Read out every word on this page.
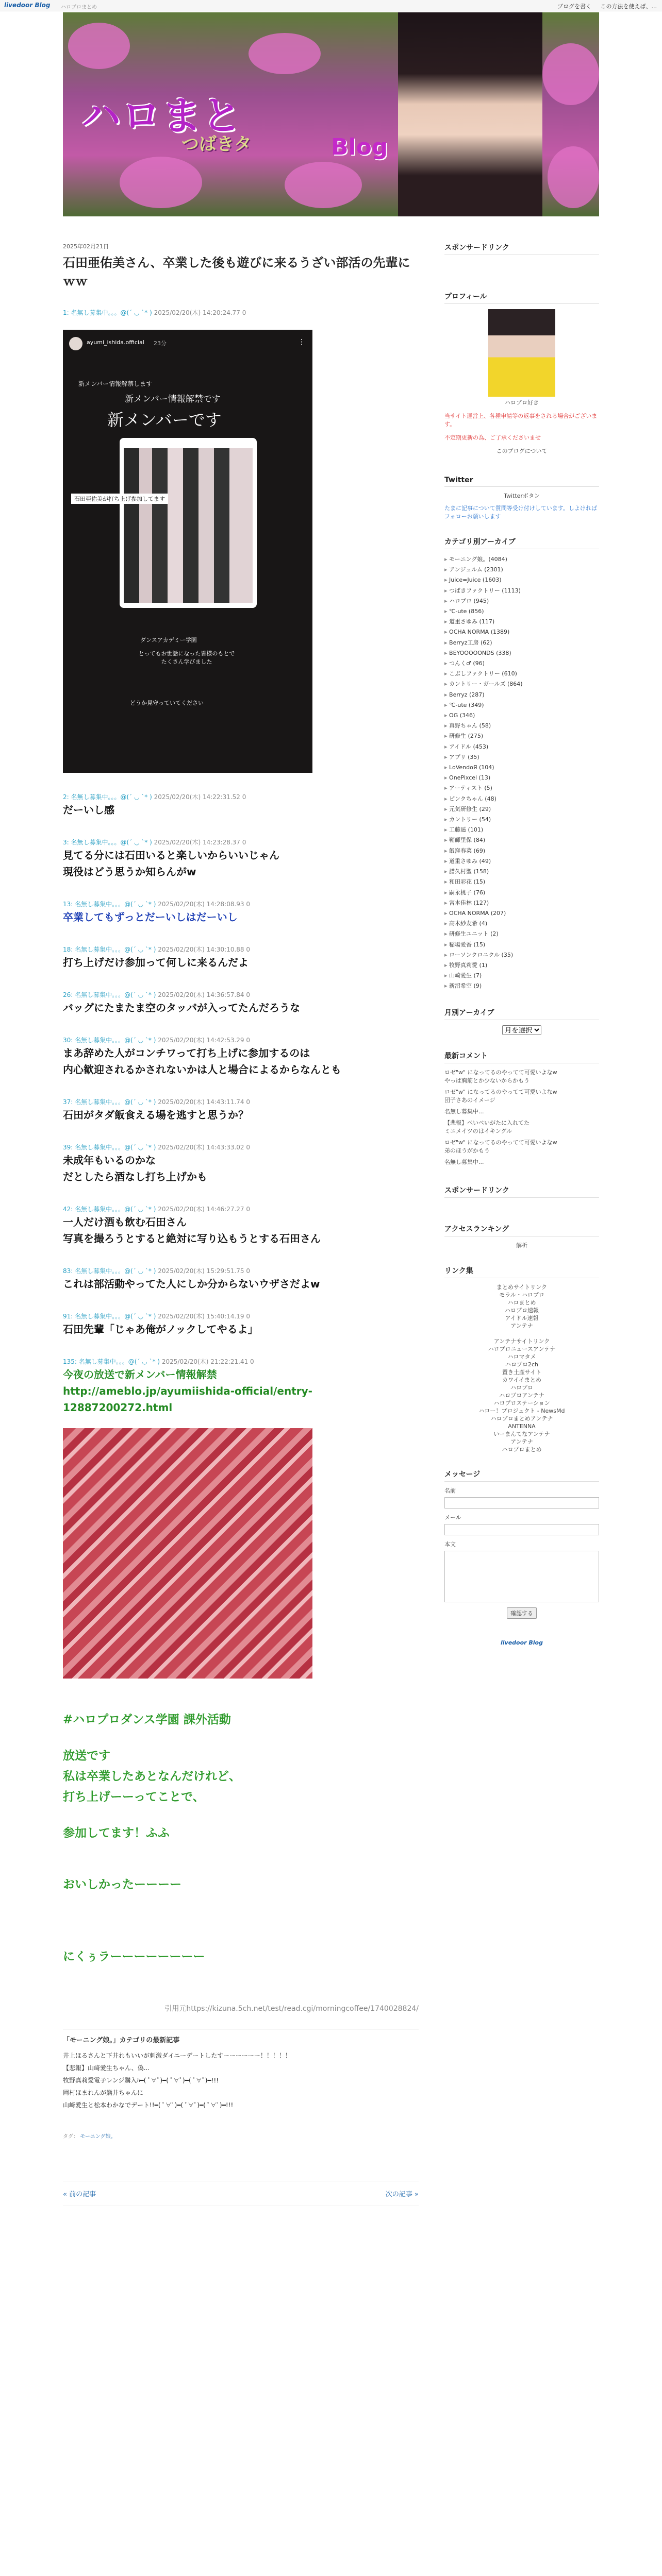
livedoor Blog ハロプロまとめ	ブログを書く この方法を使えば、...
ハロまと
つばきタ	Blog
2025年02月21日
石田亜佑美さん、卒業した後も遊びに来るうざい部活の先輩にｗｗ
1: 名無し募集中。。。@(´ ◡ `* ) 2025/02/20(木) 14:20:24.77 0
ayumi_ishida.official 23分	⋮
新メンバー情報解禁します
新メンバー情報解禁です
新メンバーです
石田亜佑美が打ち上げ参加してます
ダンスアカデミー学園
とってもお世話になった皆様のもとで
たくさん学びました
どうか見守っていてください
2: 名無し募集中。。。@(´ ◡ `* ) 2025/02/20(木) 14:22:31.52 0
だーいし感
3: 名無し募集中。。。@(´ ◡ `* ) 2025/02/20(木) 14:23:28.37 0
見てる分には石田いると楽しいからいいじゃん
現役はどう思うか知らんがw
13: 名無し募集中。。。@(´ ◡ `* ) 2025/02/20(木) 14:28:08.93 0
卒業してもずっとだーいしはだーいし
18: 名無し募集中。。。@(´ ◡ `* ) 2025/02/20(木) 14:30:10.88 0
打ち上げだけ参加って何しに来るんだよ
26: 名無し募集中。。。@(´ ◡ `* ) 2025/02/20(木) 14:36:57.84 0
バッグにたまたま空のタッパが入ってたんだろうな
30: 名無し募集中。。。@(´ ◡ `* ) 2025/02/20(木) 14:42:53.29 0
まあ辞めた人がコンチワって打ち上げに参加するのは
内心歓迎されるかされないかは人と場合によるからなんとも
37: 名無し募集中。。。@(´ ◡ `* ) 2025/02/20(木) 14:43:11.74 0
石田がタダ飯食える場を逃すと思うか？
39: 名無し募集中。。。@(´ ◡ `* ) 2025/02/20(木) 14:43:33.02 0
未成年もいるのかな
だとしたら酒なし打ち上げかも
42: 名無し募集中。。。@(´ ◡ `* ) 2025/02/20(木) 14:46:27.27 0
一人だけ酒も飲む石田さん
写真を撮ろうとすると絶対に写り込もうとする石田さん
83: 名無し募集中。。。@(´ ◡ `* ) 2025/02/20(木) 15:29:51.75 0
これは部活動やってた人にしか分からないウザさだよw
91: 名無し募集中。。。@(´ ◡ `* ) 2025/02/20(木) 15:40:14.19 0
石田先輩「じゃあ俺がノックしてやるよ」
135: 名無し募集中。。。@(´ ◡ `* ) 2025/02/20(木) 21:22:21.41 0
今夜の放送で新メンバー情報解禁
http://ameblo.jp/ayumiishida-official/entry-12887200272.html
#ハロプロダンス学園 課外活動
放送です
私は卒業したあとなんだけれど、
打ち上げーーってことで、
参加してます！ふふ
おいしかったーーーー
にくぅラーーーーーーーー
引用元https://kizuna.5ch.net/test/read.cgi/morningcoffee/1740028824/
「モーニング娘。」カテゴリの最新記事
井上ほるさんと下井れもいいが刺激ダイニーデートしたすーーーーーー！！！！！
【悲報】山﨑愛生ちゃん、偽...
牧野真莉愛電子レンジ購入ﾊ━( ﾟ∀ﾟ)━( ﾟ∀ﾟ)━( ﾟ∀ﾟ)━!!!
岡村ほまれんが熊井ちゃんに
山﨑愛生と松本わかなでデート!!━( ﾟ∀ﾟ)━( ﾟ∀ﾟ)━( ﾟ∀ﾟ)━!!!
タグ： モーニング娘。
« 前の記事	次の記事 »
スポンサードリンク
プロフィール
ハロプロ好き
当サイト運営上、各種申請等の返事をされる場合がございます。
不定期更新の為、ご了承くださいませ
このブログについて
Twitter
Twitterボタン
たまに記事について質問等受け付けしています。しよければフォローお願いします
カテゴリ別アーカイブ
▸ モーニング娘。(4084)
▸ アンジュルム (2301)
▸ Juice=Juice (1603)
▸ つばきファクトリー (1113)
▸ ハロプロ (945)
▸ ℃-ute (856)
▸ 道重さゆみ (117)
▸ OCHA NORMA (1389)
▸ Berryz工房 (62)
▸ BEYOOOOONDS (338)
▸ つんく♂ (96)
▸ こぶしファクトリー (610)
▸ カントリー・ガールズ (864)
▸ Berryz (287)
▸ ℃-ute (349)
▸ OG (346)
▸ 真野ちゃん (58)
▸ 研修生 (275)
▸ アイドル (453)
▸ アプリ (35)
▸ LoVendoЯ (104)
▸ OnePixcel (13)
▸ アーティスト (5)
▸ ピンクちゃん (48)
▸ 元気研修生 (29)
▸ カントリー (54)
▸ 工藤遥 (101)
▸ 鞘師里保 (84)
▸ 飯窪春菜 (69)
▸ 道重さゆみ (49)
▸ 譜久村聖 (158)
▸ 和田彩花 (15)
▸ 嗣永桃子 (76)
▸ 宮本佳林 (127)
▸ OCHA NORMA (207)
▸ 高木紗友希 (4)
▸ 研修生ユニット (2)
▸ 稲場愛香 (15)
▸ ローソンクロニクル (35)
▸ 牧野真莉愛 (1)
▸ 山崎愛生 (7)
▸ 新沼希空 (9)
月別アーカイブ
月を選択
最新コメント
ロゼ"w" になってるのやってて可愛いよなw
やっぱ胸筋とか少ないからかもう
ロゼ"w" になってるのやってて可愛いよなw
団子さあのイメージ
名無し募集中...
【悲報】ぺいぺいがたに入れてた
ミニメイツのはイキングル
ロゼ"w" になってるのやってて可愛いよなw
弟のほうがかもう
名無し募集中...
スポンサードリンク
アクセスランキング
解析
リンク集
まとめサイトリンク
モラル・ハロプロ
ハロまとめ
ハロプロ速報
アイドル速報
アンテナ
アンテナサイトリンク
ハロプロニュースアンテナ
ハロマタメ
ハロプロ2ch
置き土産サイト
カワイイまとめ
ハロプロ
ハロプロアンテナ
ハロプロステーション
ハロー！プロジェクト - NewsMd
ハロプロまとめアンテナ
ANTENNA
いーまんてなアンテナ
アンテナ
ハロプロまとめ
メッセージ
名前
メール
本文
確認する
livedoor Blog
